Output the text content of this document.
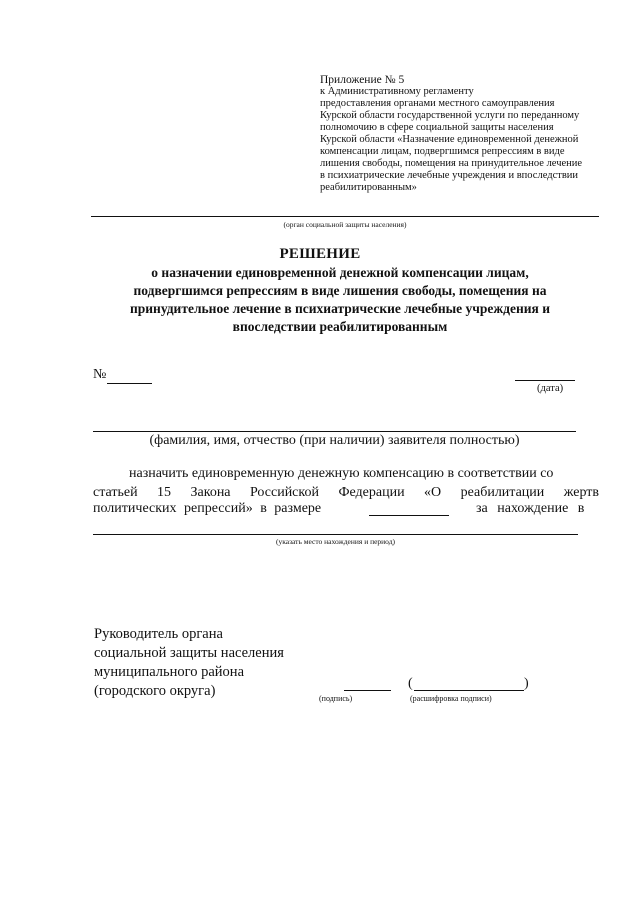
Приложение № 5
к Административному регламенту
предоставления органами местного самоуправления
Курской области государственной услуги по переданному
полномочию в сфере социальной защиты населения
Курской области «Назначение единовременной денежной
компенсации лицам, подвергшимся репрессиям в виде
лишения свободы, помещения на принудительное лечение
в психиатрические лечебные учреждения и впоследствии
реабилитированным»
(орган социальной защиты населения)
РЕШЕНИЕ
о назначении единовременной денежной компенсации лицам,
подвергшимся репрессиям в виде лишения свободы, помещения на
принудительное лечение в психиатрические лечебные учреждения и
впоследствии реабилитированным
№
(дата)
(фамилия, имя, отчество (при наличии) заявителя полностью)
назначить единовременную денежную компенсацию в соответствии со
статьей 15 Закона Российской Федерации «О реабилитации жертв
политических репрессий» в размере	за нахождение в
(указать место нахождения и период)
Руководитель органа
социальной защиты населения
муниципального района
(городского округа)	(подпись)
(	)
(расшифровка подписи)
